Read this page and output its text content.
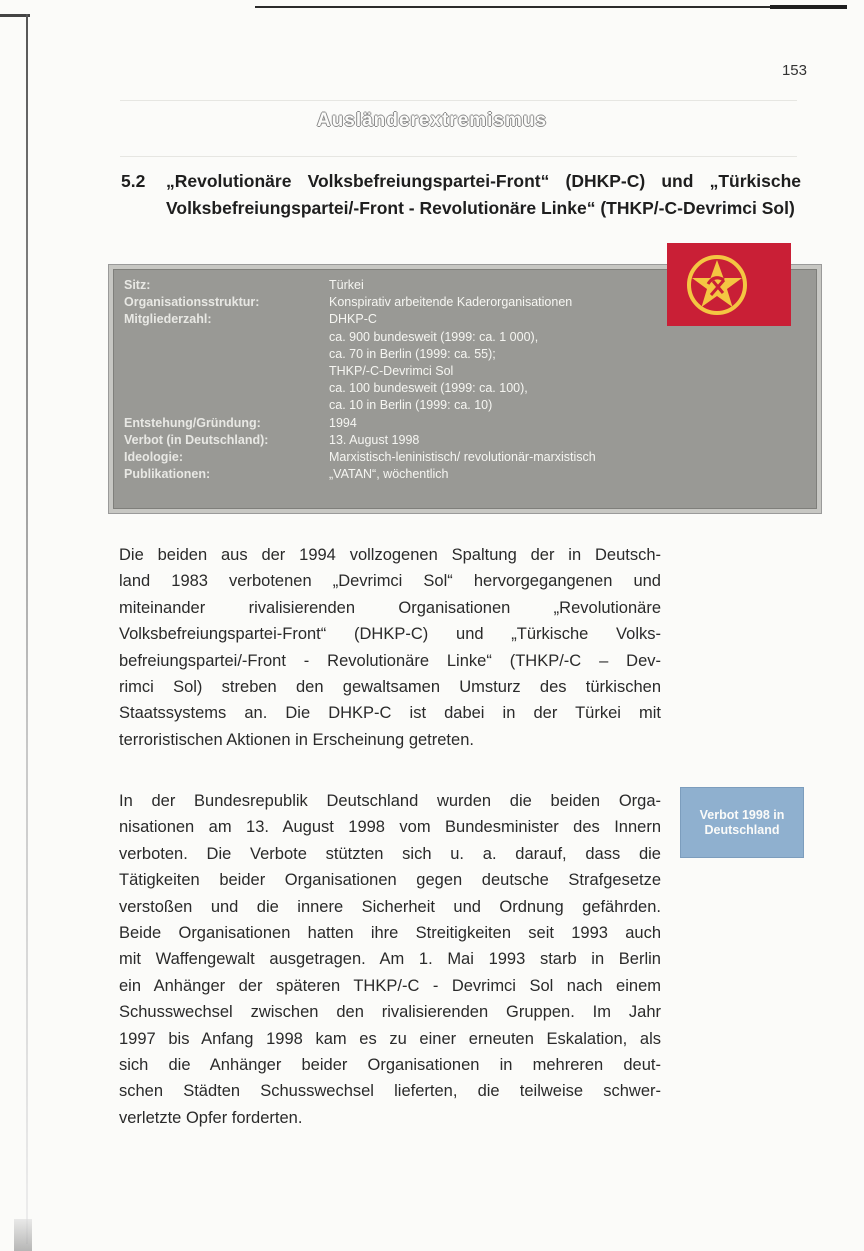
153
Ausländerextremismus
5.2 „Revolutionäre Volksbefreiungspartei-Front“ (DHKP-C) und „Türkische Volksbefreiungspartei/-Front - Revolutionäre Linke“ (THKP/-C-Devrimci Sol)
Sitz:	Türkei
Organisationsstruktur:	Konspirativ arbeitende Kaderorganisationen
Mitgliederzahl:	DHKP-C
ca. 900 bundesweit (1999: ca. 1 000),
ca. 70 in Berlin (1999: ca. 55);
THKP/-C-Devrimci Sol
ca. 100 bundesweit (1999: ca. 100),
ca. 10 in Berlin (1999: ca. 10)
Entstehung/Gründung:	1994
Verbot (in Deutschland):	13. August 1998
Ideologie:	Marxistisch-leninistisch/ revolutionär-marxistisch
Publikationen:	„VATAN“, wöchentlich
Die beiden aus der 1994 vollzogenen Spaltung der in Deutsch-
land 1983 verbotenen „Devrimci Sol“ hervorgegangenen und
miteinander rivalisierenden Organisationen „Revolutionäre
Volksbefreiungspartei-Front“ (DHKP-C) und „Türkische Volks-
befreiungspartei/-Front - Revolutionäre Linke“ (THKP/-C – Dev-
rimci Sol) streben den gewaltsamen Umsturz des türkischen
Staatssystems an. Die DHKP-C ist dabei in der Türkei mit
terroristischen Aktionen in Erscheinung getreten.
In der Bundesrepublik Deutschland wurden die beiden Orga-
nisationen am 13. August 1998 vom Bundesminister des Innern
verboten. Die Verbote stützten sich u. a. darauf, dass die
Tätigkeiten beider Organisationen gegen deutsche Strafgesetze
verstoßen und die innere Sicherheit und Ordnung gefährden.
Beide Organisationen hatten ihre Streitigkeiten seit 1993 auch
mit Waffengewalt ausgetragen. Am 1. Mai 1993 starb in Berlin
ein Anhänger der späteren THKP/-C - Devrimci Sol nach einem
Schusswechsel zwischen den rivalisierenden Gruppen. Im Jahr
1997 bis Anfang 1998 kam es zu einer erneuten Eskalation, als
sich die Anhänger beider Organisationen in mehreren deut-
schen Städten Schusswechsel lieferten, die teilweise schwer-
verletzte Opfer forderten.
Verbot 1998 in Deutschland
